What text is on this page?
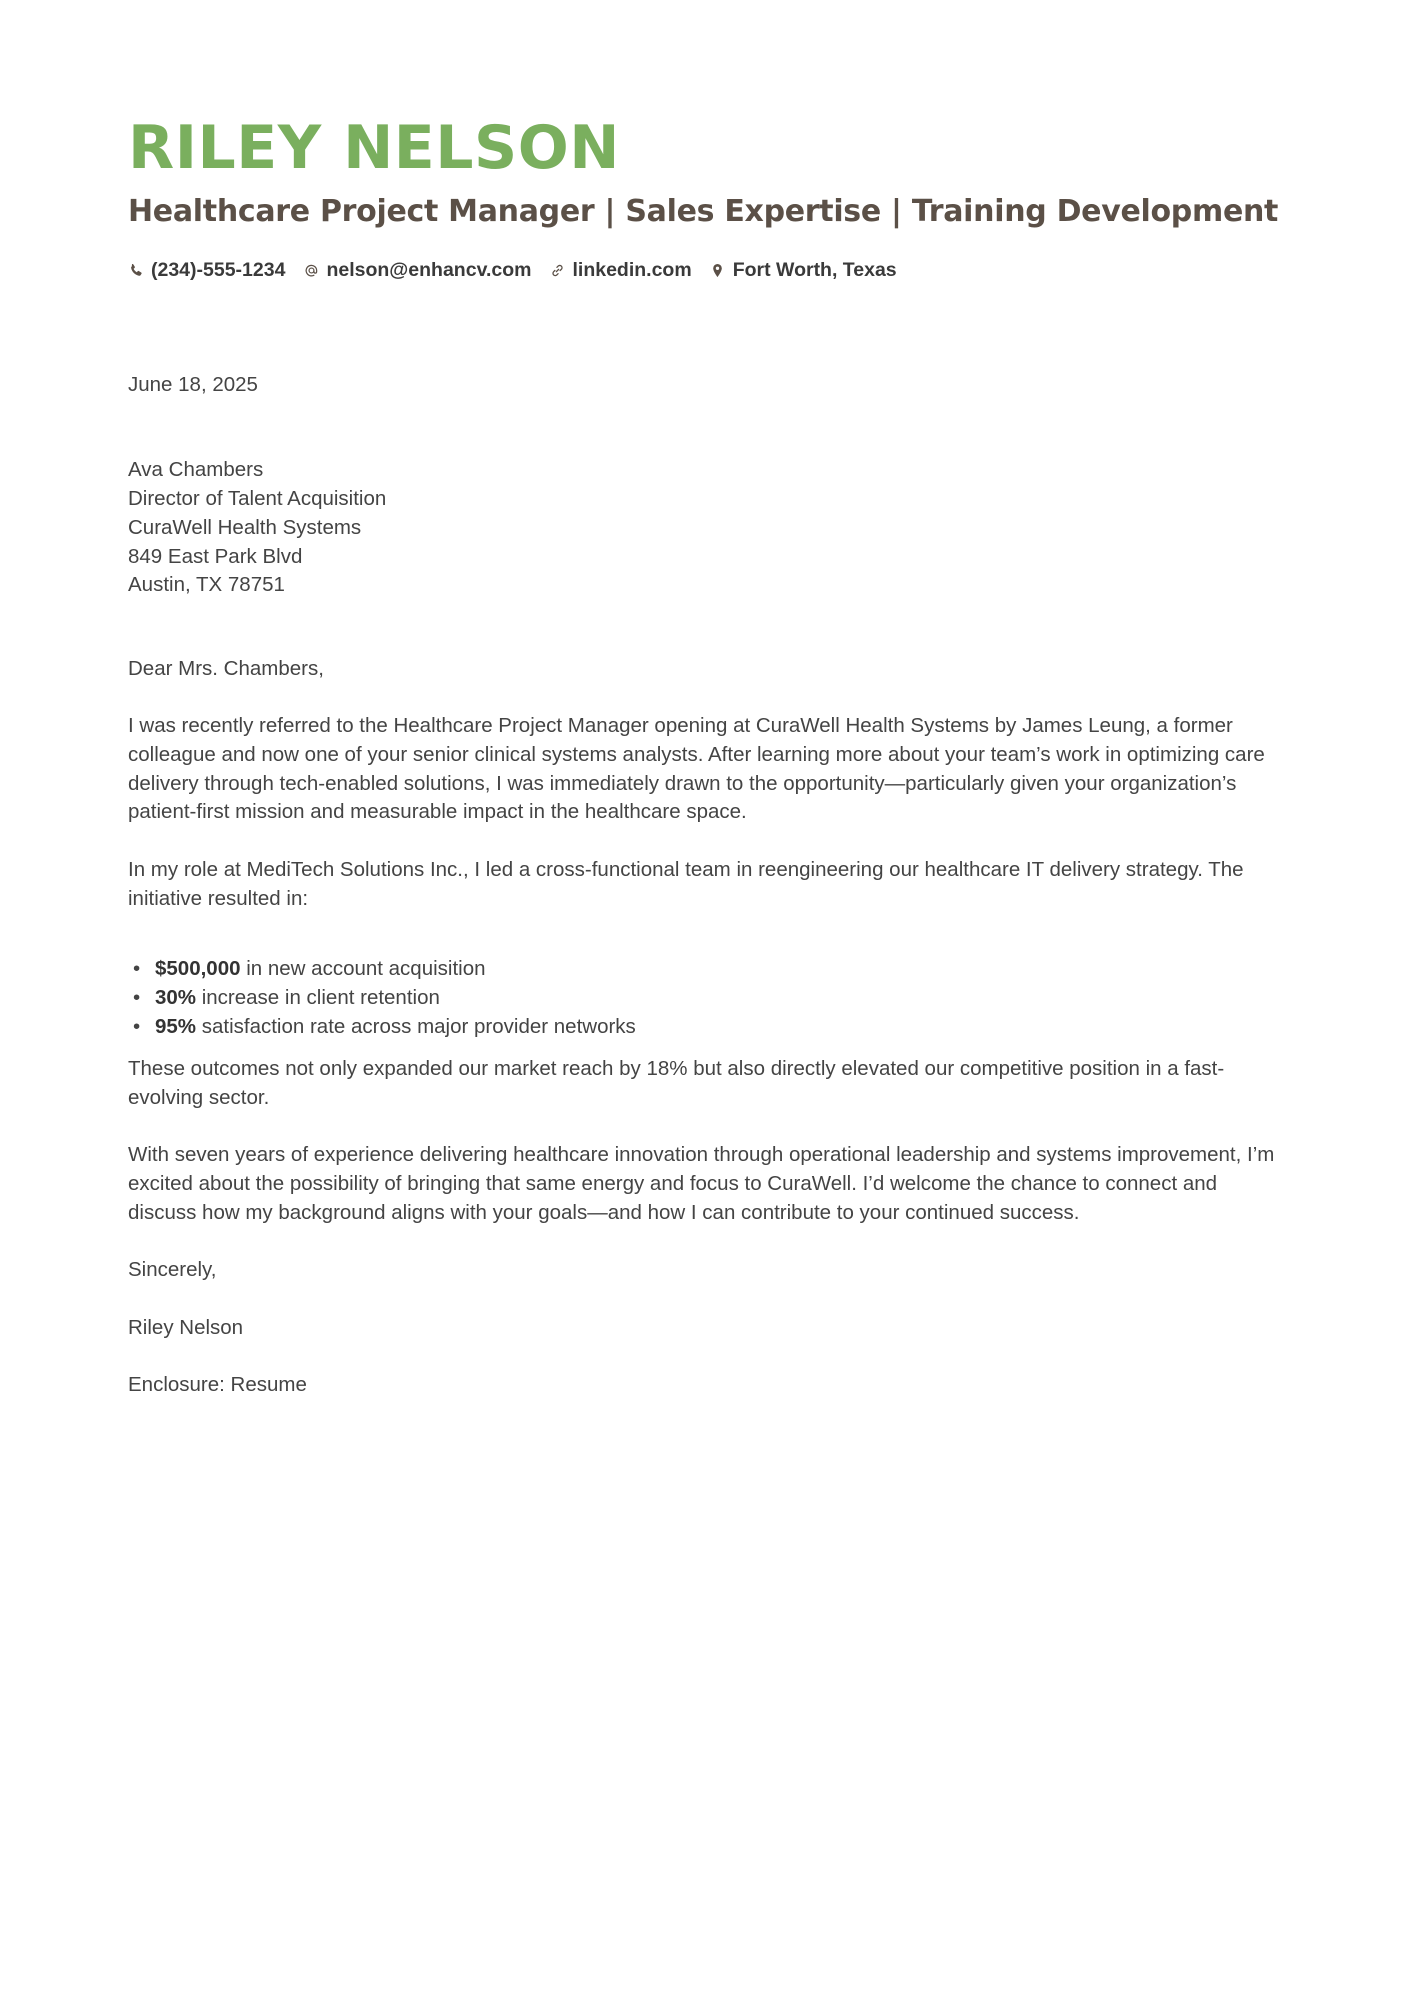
RILEY NELSON
Healthcare Project Manager | Sales Expertise | Training Development
(234)-555-1234 nelson@enhancv.com linkedin.com Fort Worth, Texas

June 18, 2025

Ava Chambers

Director of Talent Acquisition

CuraWell Health Systems

849 East Park Blvd

Austin, TX 78751

Dear Mrs. Chambers,

I was recently referred to the Healthcare Project Manager opening at CuraWell Health Systems by James Leung, a former colleague and now one of your senior clinical systems analysts. After learning more about your team’s work in optimizing care delivery through tech-enabled solutions, I was immediately drawn to the opportunity—particularly given your organization’s patient-first mission and measurable impact in the healthcare space.

In my role at MediTech Solutions Inc., I led a cross-functional team in reengineering our healthcare IT delivery strategy. The initiative resulted in:

• $500,000 in new account acquisition
• 30% increase in client retention
• 95% satisfaction rate across major provider networks

These outcomes not only expanded our market reach by 18% but also directly elevated our competitive position in a fast-evolving sector.

With seven years of experience delivering healthcare innovation through operational leadership and systems improvement, I’m excited about the possibility of bringing that same energy and focus to CuraWell. I’d welcome the chance to connect and discuss how my background aligns with your goals—and how I can contribute to your continued success.

Sincerely,

Riley Nelson

Enclosure: Resume
